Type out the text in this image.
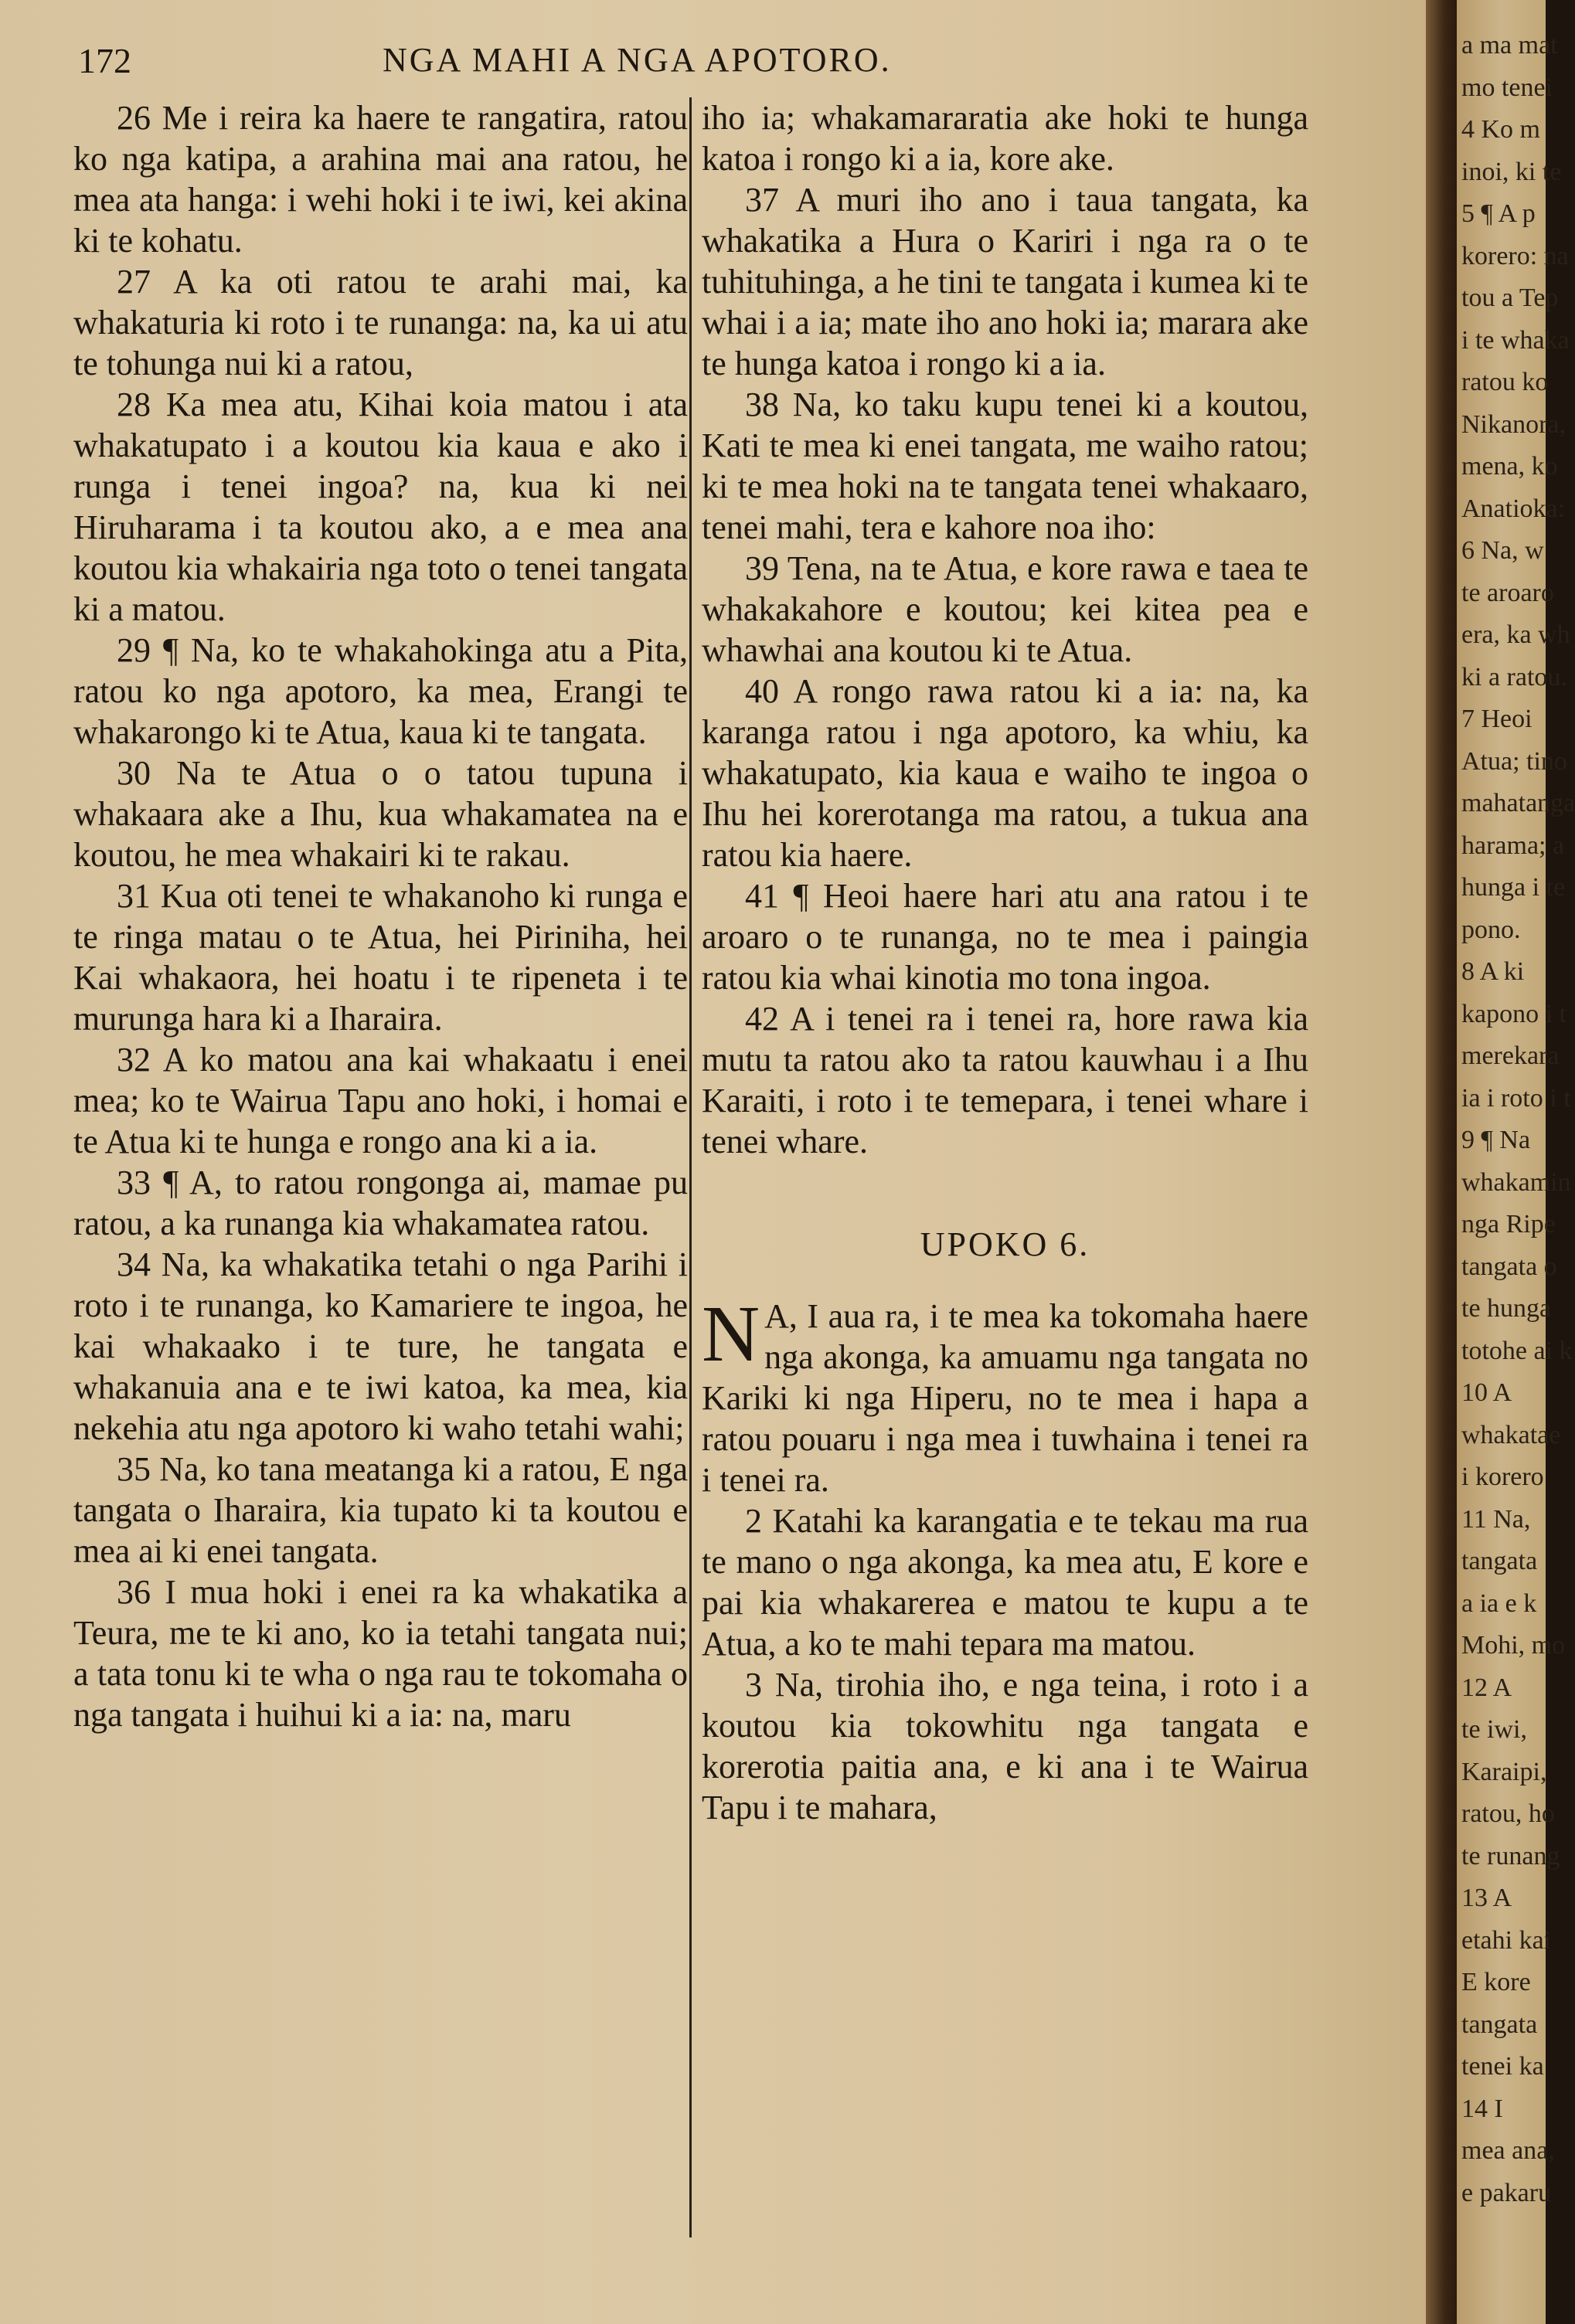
172	NGA MAHI A NGA APOTORO.

26 Me i reira ka haere te rangatira, ratou ko nga katipa, a arahina mai ana ratou, he mea ata hanga: i wehi hoki i te iwi, kei akina ki te kohatu.

27 A ka oti ratou te arahi mai, ka whakaturia ki roto i te runanga: na, ka ui atu te tohunga nui ki a ratou,

28 Ka mea atu, Kihai koia matou i ata whakatupato i a koutou kia kaua e ako i runga i tenei ingoa? na, kua ki nei Hiruharama i ta koutou ako, a e mea ana koutou kia whakairia nga toto o tenei tangata ki a matou.

29 ¶ Na, ko te whakahokinga atu a Pita, ratou ko nga apotoro, ka mea, Erangi te whakarongo ki te Atua, kaua ki te tangata.

30 Na te Atua o o tatou tupuna i whakaara ake a Ihu, kua whakamatea na e koutou, he mea whakairi ki te rakau.

31 Kua oti tenei te whakanoho ki runga e te ringa matau o te Atua, hei Piriniha, hei Kai whakaora, hei hoatu i te ripeneta i te murunga hara ki a Iharaira.

32 A ko matou ana kai whakaatu i enei mea; ko te Wairua Tapu ano hoki, i homai e te Atua ki te hunga e rongo ana ki a ia.

33 ¶ A, to ratou rongonga ai, mamae pu ratou, a ka runanga kia whakamatea ratou.

34 Na, ka whakatika tetahi o nga Parihi i roto i te runanga, ko Kamariere te ingoa, he kai whakaako i te ture, he tangata e whakanuia ana e te iwi katoa, ka mea, kia nekehia atu nga apotoro ki waho tetahi wahi;

35 Na, ko tana meatanga ki a ratou, E nga tangata o Iharaira, kia tupato ki ta koutou e mea ai ki enei tangata.

36 I mua hoki i enei ra ka whakatika a Teura, me te ki ano, ko ia tetahi tangata nui; a tata tonu ki te wha o nga rau te tokomaha o nga tangata i huihui ki a ia: na, maru

iho ia; whakamararatia ake hoki te hunga katoa i rongo ki a ia, kore ake.

37 A muri iho ano i taua tangata, ka whakatika a Hura o Kariri i nga ra o te tuhituhinga, a he tini te tangata i kumea ki te whai i a ia; mate iho ano hoki ia; marara ake te hunga katoa i rongo ki a ia.

38 Na, ko taku kupu tenei ki a koutou, Kati te mea ki enei tangata, me waiho ratou; ki te mea hoki na te tangata tenei whakaaro, tenei mahi, tera e kahore noa iho:

39 Tena, na te Atua, e kore rawa e taea te whakakahore e koutou; kei kitea pea e whawhai ana koutou ki te Atua.

40 A rongo rawa ratou ki a ia: na, ka karanga ratou i nga apotoro, ka whiu, ka whakatupato, kia kaua e waiho te ingoa o Ihu hei korerotanga ma ratou, a tukua ana ratou kia haere.

41 ¶ Heoi haere hari atu ana ratou i te aroaro o te runanga, no te mea i paingia ratou kia whai kinotia mo tona ingoa.

42 A i tenei ra i tenei ra, hore rawa kia mutu ta ratou ako ta ratou kauwhau i a Ihu Karaiti, i roto i te temepara, i tenei whare i tenei whare.

UPOKO 6.

N A, I aua ra, i te mea ka tokomaha haere nga akonga, ka amuamu nga tangata no Kariki ki nga Hiperu, no te mea i hapa a ratou pouaru i nga mea i tuwhaina i tenei ra i tenei ra.

2 Katahi ka karangatia e te tekau ma rua te mano o nga akonga, ka mea atu, E kore e pai kia whakarerea e matou te kupu a te Atua, a ko te mahi tepara ma matou.

3 Na, tirohia iho, e nga teina, i roto i a koutou kia tokowhitu nga tangata e korerotia paitia ana, e ki ana i te Wairua Tapu i te mahara,

a ma mat
mo tenei
4 Ko m
inoi, ki te
5 ¶ A p
korero: na
tou a Tep
i te whaka
ratou ko
Nikanora,
mena, ko
Anatioka:
6 Na, w
te aroaro
era, ka wh
ki a ratou.
7 Heoi
Atua; tino
mahatanga
harama; a
hunga i te
pono.
8 A ki
kapono i t
merekara
ia i roto i t
9 ¶ Na
whakamin
nga Ripe
tangata o
te hunga
totohe ai k
10 A
whakatae
i korero
11 Na,
tangata
a ia e k
Mohi, mo
12 A
te iwi,
Karaipi,
ratou, ho
te runang
13 A
etahi kai
E kore
tangata
tenei ka
14 I
mea ana,
e pakaru
